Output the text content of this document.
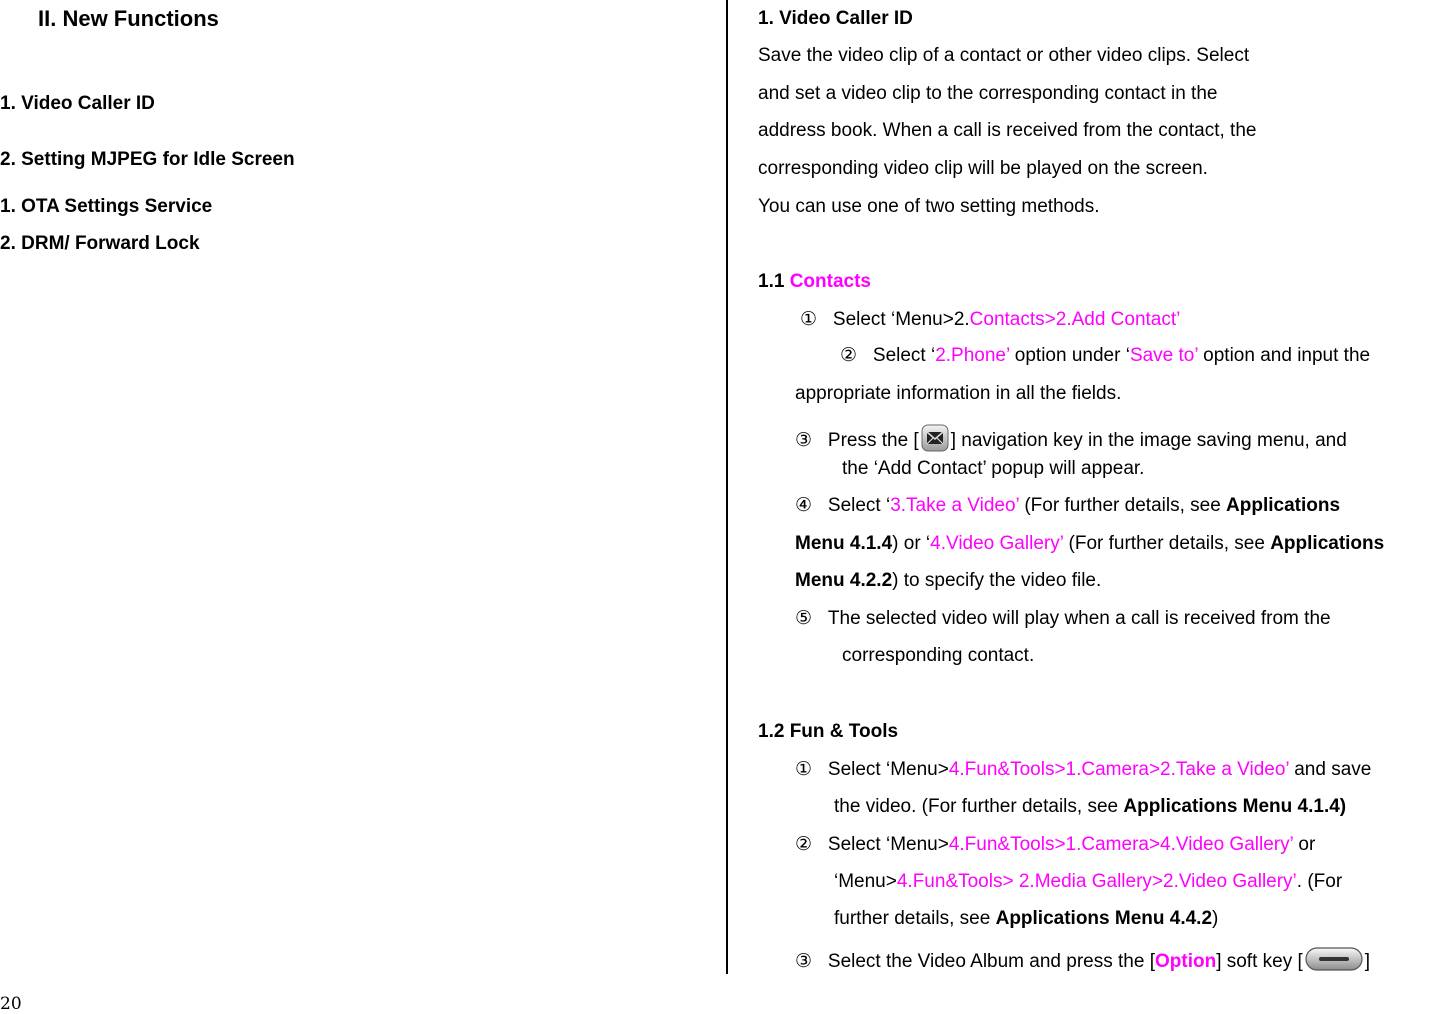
II. New Functions
1. Video Caller ID
2. Setting MJPEG for Idle Screen
1. OTA Settings Service
2. DRM/ Forward Lock
20
1. Video Caller ID
Save the video clip of a contact or other video clips. Select
and set a video clip to the corresponding contact in the
address book. When a call is received from the contact, the
corresponding video clip will be played on the screen.
You can use one of two setting methods.
1.1 Contacts
① Select ‘Menu>2.Contacts>2.Add Contact’
② Select ‘2.Phone’ option under ‘Save to’ option and input the
appropriate information in all the fields.
③ Press the [ ] navigation key in the image saving menu, and
the ‘Add Contact’ popup will appear.
④ Select ‘3.Take a Video’ (For further details, see Applications
Menu 4.1.4) or ‘4.Video Gallery’ (For further details, see Applications
Menu 4.2.2) to specify the video file.
⑤ The selected video will play when a call is received from the
corresponding contact.
1.2 Fun & Tools
① Select ‘Menu>4.Fun&Tools>1.Camera>2.Take a Video’ and save
the video. (For further details, see Applications Menu 4.1.4)
② Select ‘Menu>4.Fun&Tools>1.Camera>4.Video Gallery’ or
‘Menu>4.Fun&Tools> 2.Media Gallery>2.Video Gallery’. (For
further details, see Applications Menu 4.4.2)
③ Select the Video Album and press the [Option] soft key [	]
